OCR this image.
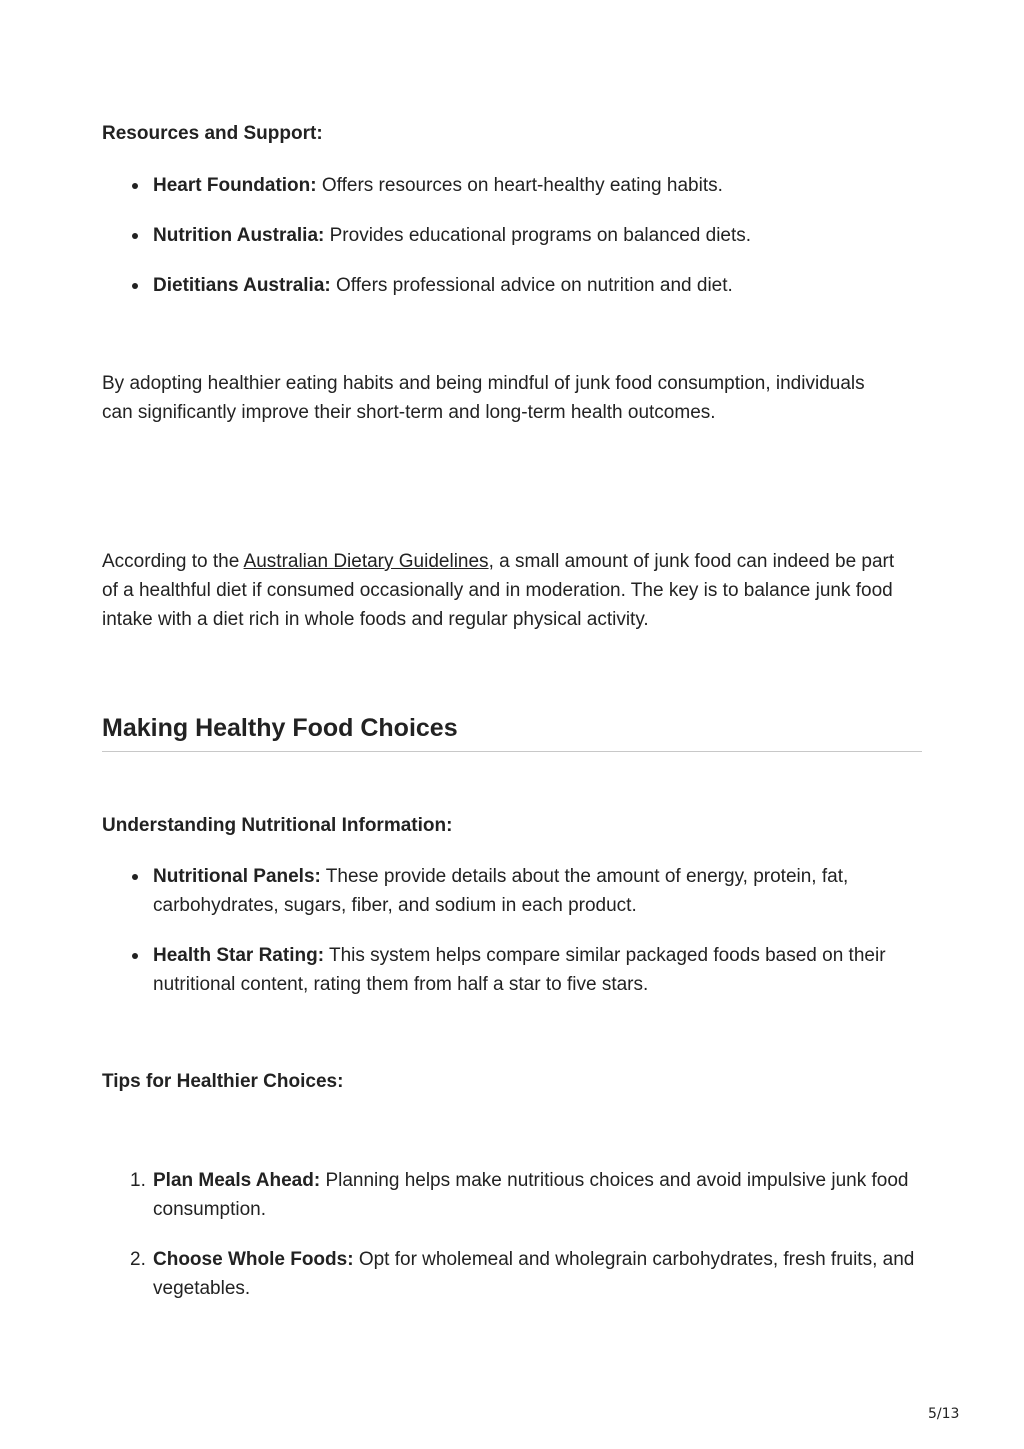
Resources and Support:

Heart Foundation: Offers resources on heart-healthy eating habits.
Nutrition Australia: Provides educational programs on balanced diets.
Dietitians Australia: Offers professional advice on nutrition and diet.

By adopting healthier eating habits and being mindful of junk food consumption, individuals can significantly improve their short-term and long-term health outcomes.

According to the Australian Dietary Guidelines, a small amount of junk food can indeed be part of a healthful diet if consumed occasionally and in moderation. The key is to balance junk food intake with a diet rich in whole foods and regular physical activity.

Making Healthy Food Choices

Understanding Nutritional Information:

Nutritional Panels: These provide details about the amount of energy, protein, fat, carbohydrates, sugars, fiber, and sodium in each product.
Health Star Rating: This system helps compare similar packaged foods based on their nutritional content, rating them from half a star to five stars.

Tips for Healthier Choices:

1. Plan Meals Ahead: Planning helps make nutritious choices and avoid impulsive junk food consumption.
2. Choose Whole Foods: Opt for wholemeal and wholegrain carbohydrates, fresh fruits, and vegetables.
5/13
